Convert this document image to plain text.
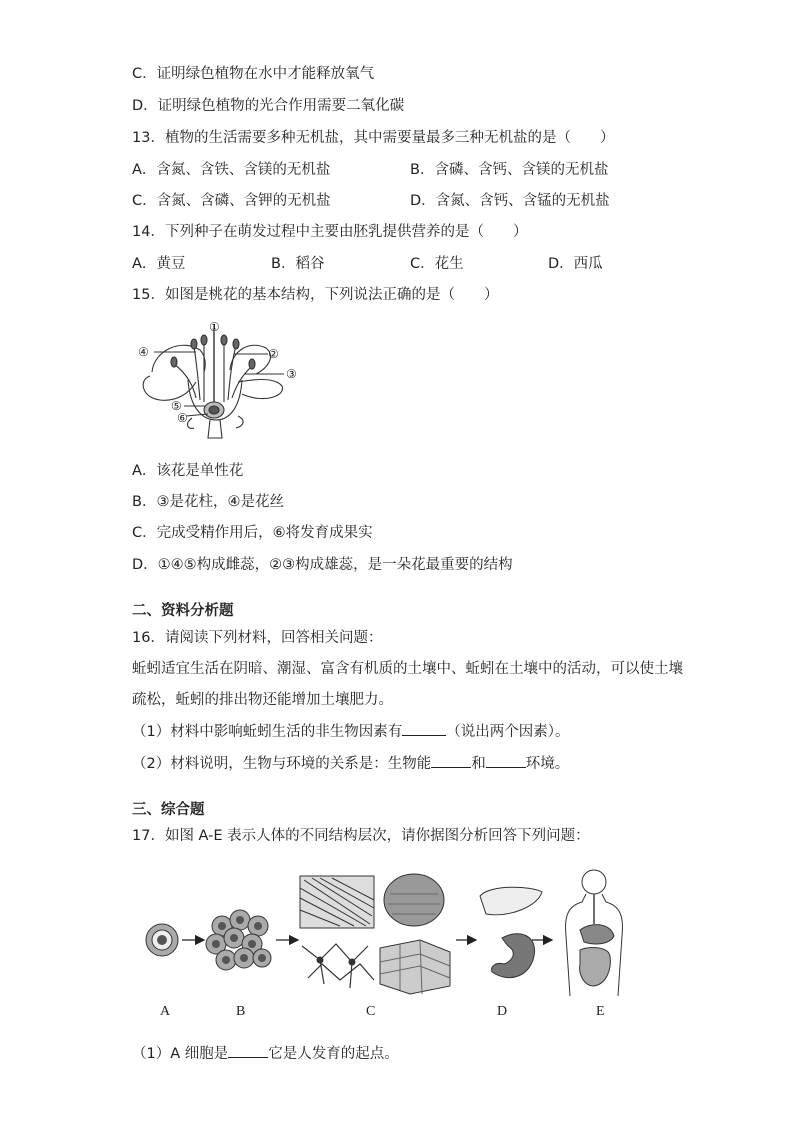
C．证明绿色植物在水中才能释放氧气
D．证明绿色植物的光合作用需要二氧化碳
13．植物的生活需要多种无机盐，其中需要量最多三种无机盐的是（　　）
A．含氮、含铁、含镁的无机盐	B．含磷、含钙、含镁的无机盐
C．含氮、含磷、含钾的无机盐	D．含氮、含钙、含锰的无机盐
14．下列种子在萌发过程中主要由胚乳提供营养的是（　　）
A．黄豆	B．稻谷	C．花生	D．西瓜
15．如图是桃花的基本结构，下列说法正确的是（　　）
①
②
③
④
⑤
⑥
A．该花是单性花
B．③是花柱，④是花丝
C．完成受精作用后，⑥将发育成果实
D．①④⑤构成雌蕊，②③构成雄蕊，是一朵花最重要的结构
二、资料分析题
16．请阅读下列材料，回答相关问题：
蚯蚓适宜生活在阴暗、潮湿、富含有机质的土壤中、蚯蚓在土壤中的活动，可以使土壤
疏松，蚯蚓的排出物还能增加土壤肥力。
（1）材料中影响蚯蚓生活的非生物因素有	（说出两个因素）。
（2）材料说明，生物与环境的关系是：生物能	和	环境。
三、综合题
17．如图 A-E 表示人体的不同结构层次，请你据图分析回答下列问题：
A	B	C	D	E
（1）A 细胞是	它是人发育的起点。
